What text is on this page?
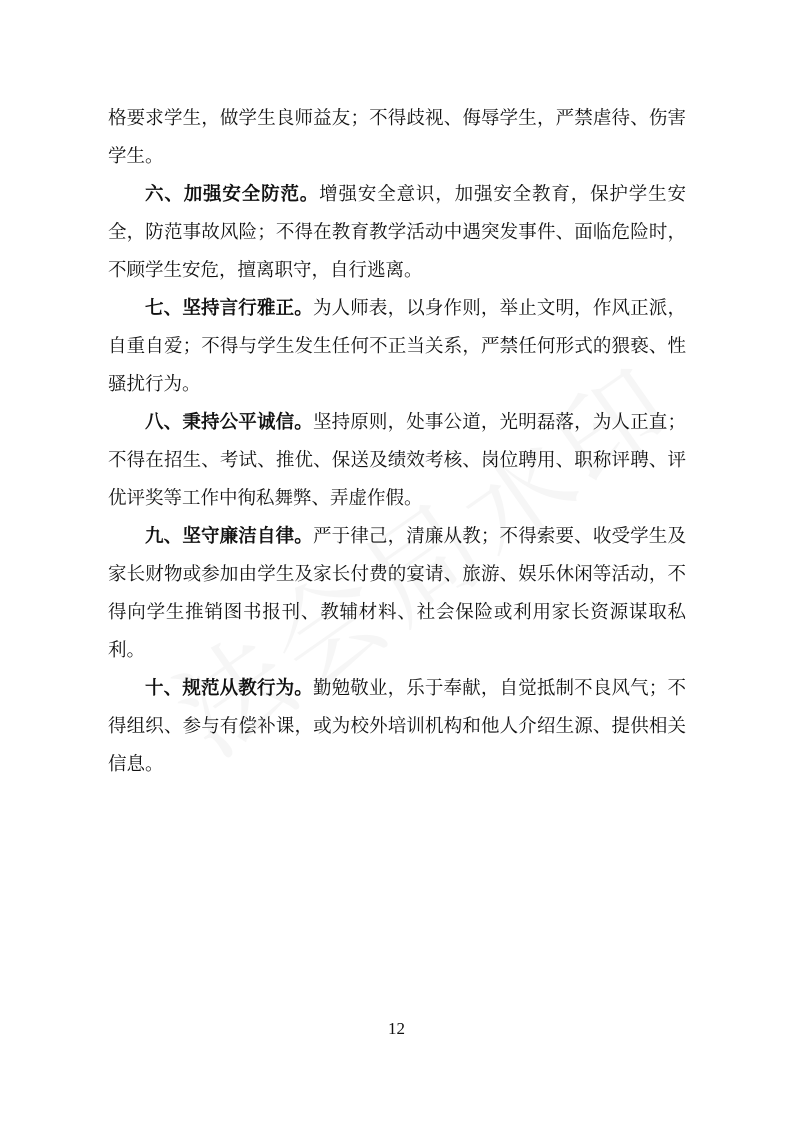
格要求学生，做学生良师益友；不得歧视、侮辱学生，严禁虐待、伤害学生。

六、加强安全防范。增强安全意识，加强安全教育，保护学生安全，防范事故风险；不得在教育教学活动中遇突发事件、面临危险时，不顾学生安危，擅离职守，自行逃离。

七、坚持言行雅正。为人师表，以身作则，举止文明，作风正派，自重自爱；不得与学生发生任何不正当关系，严禁任何形式的猥亵、性骚扰行为。

八、秉持公平诚信。坚持原则，处事公道，光明磊落，为人正直；不得在招生、考试、推优、保送及绩效考核、岗位聘用、职称评聘、评优评奖等工作中徇私舞弊、弄虚作假。

九、坚守廉洁自律。严于律己，清廉从教；不得索要、收受学生及家长财物或参加由学生及家长付费的宴请、旅游、娱乐休闲等活动，不得向学生推销图书报刊、教辅材料、社会保险或利用家长资源谋取私利。

十、规范从教行为。勤勉敬业，乐于奉献，自觉抵制不良风气；不得组织、参与有偿补课，或为校外培训机构和他人介绍生源、提供相关信息。

12
